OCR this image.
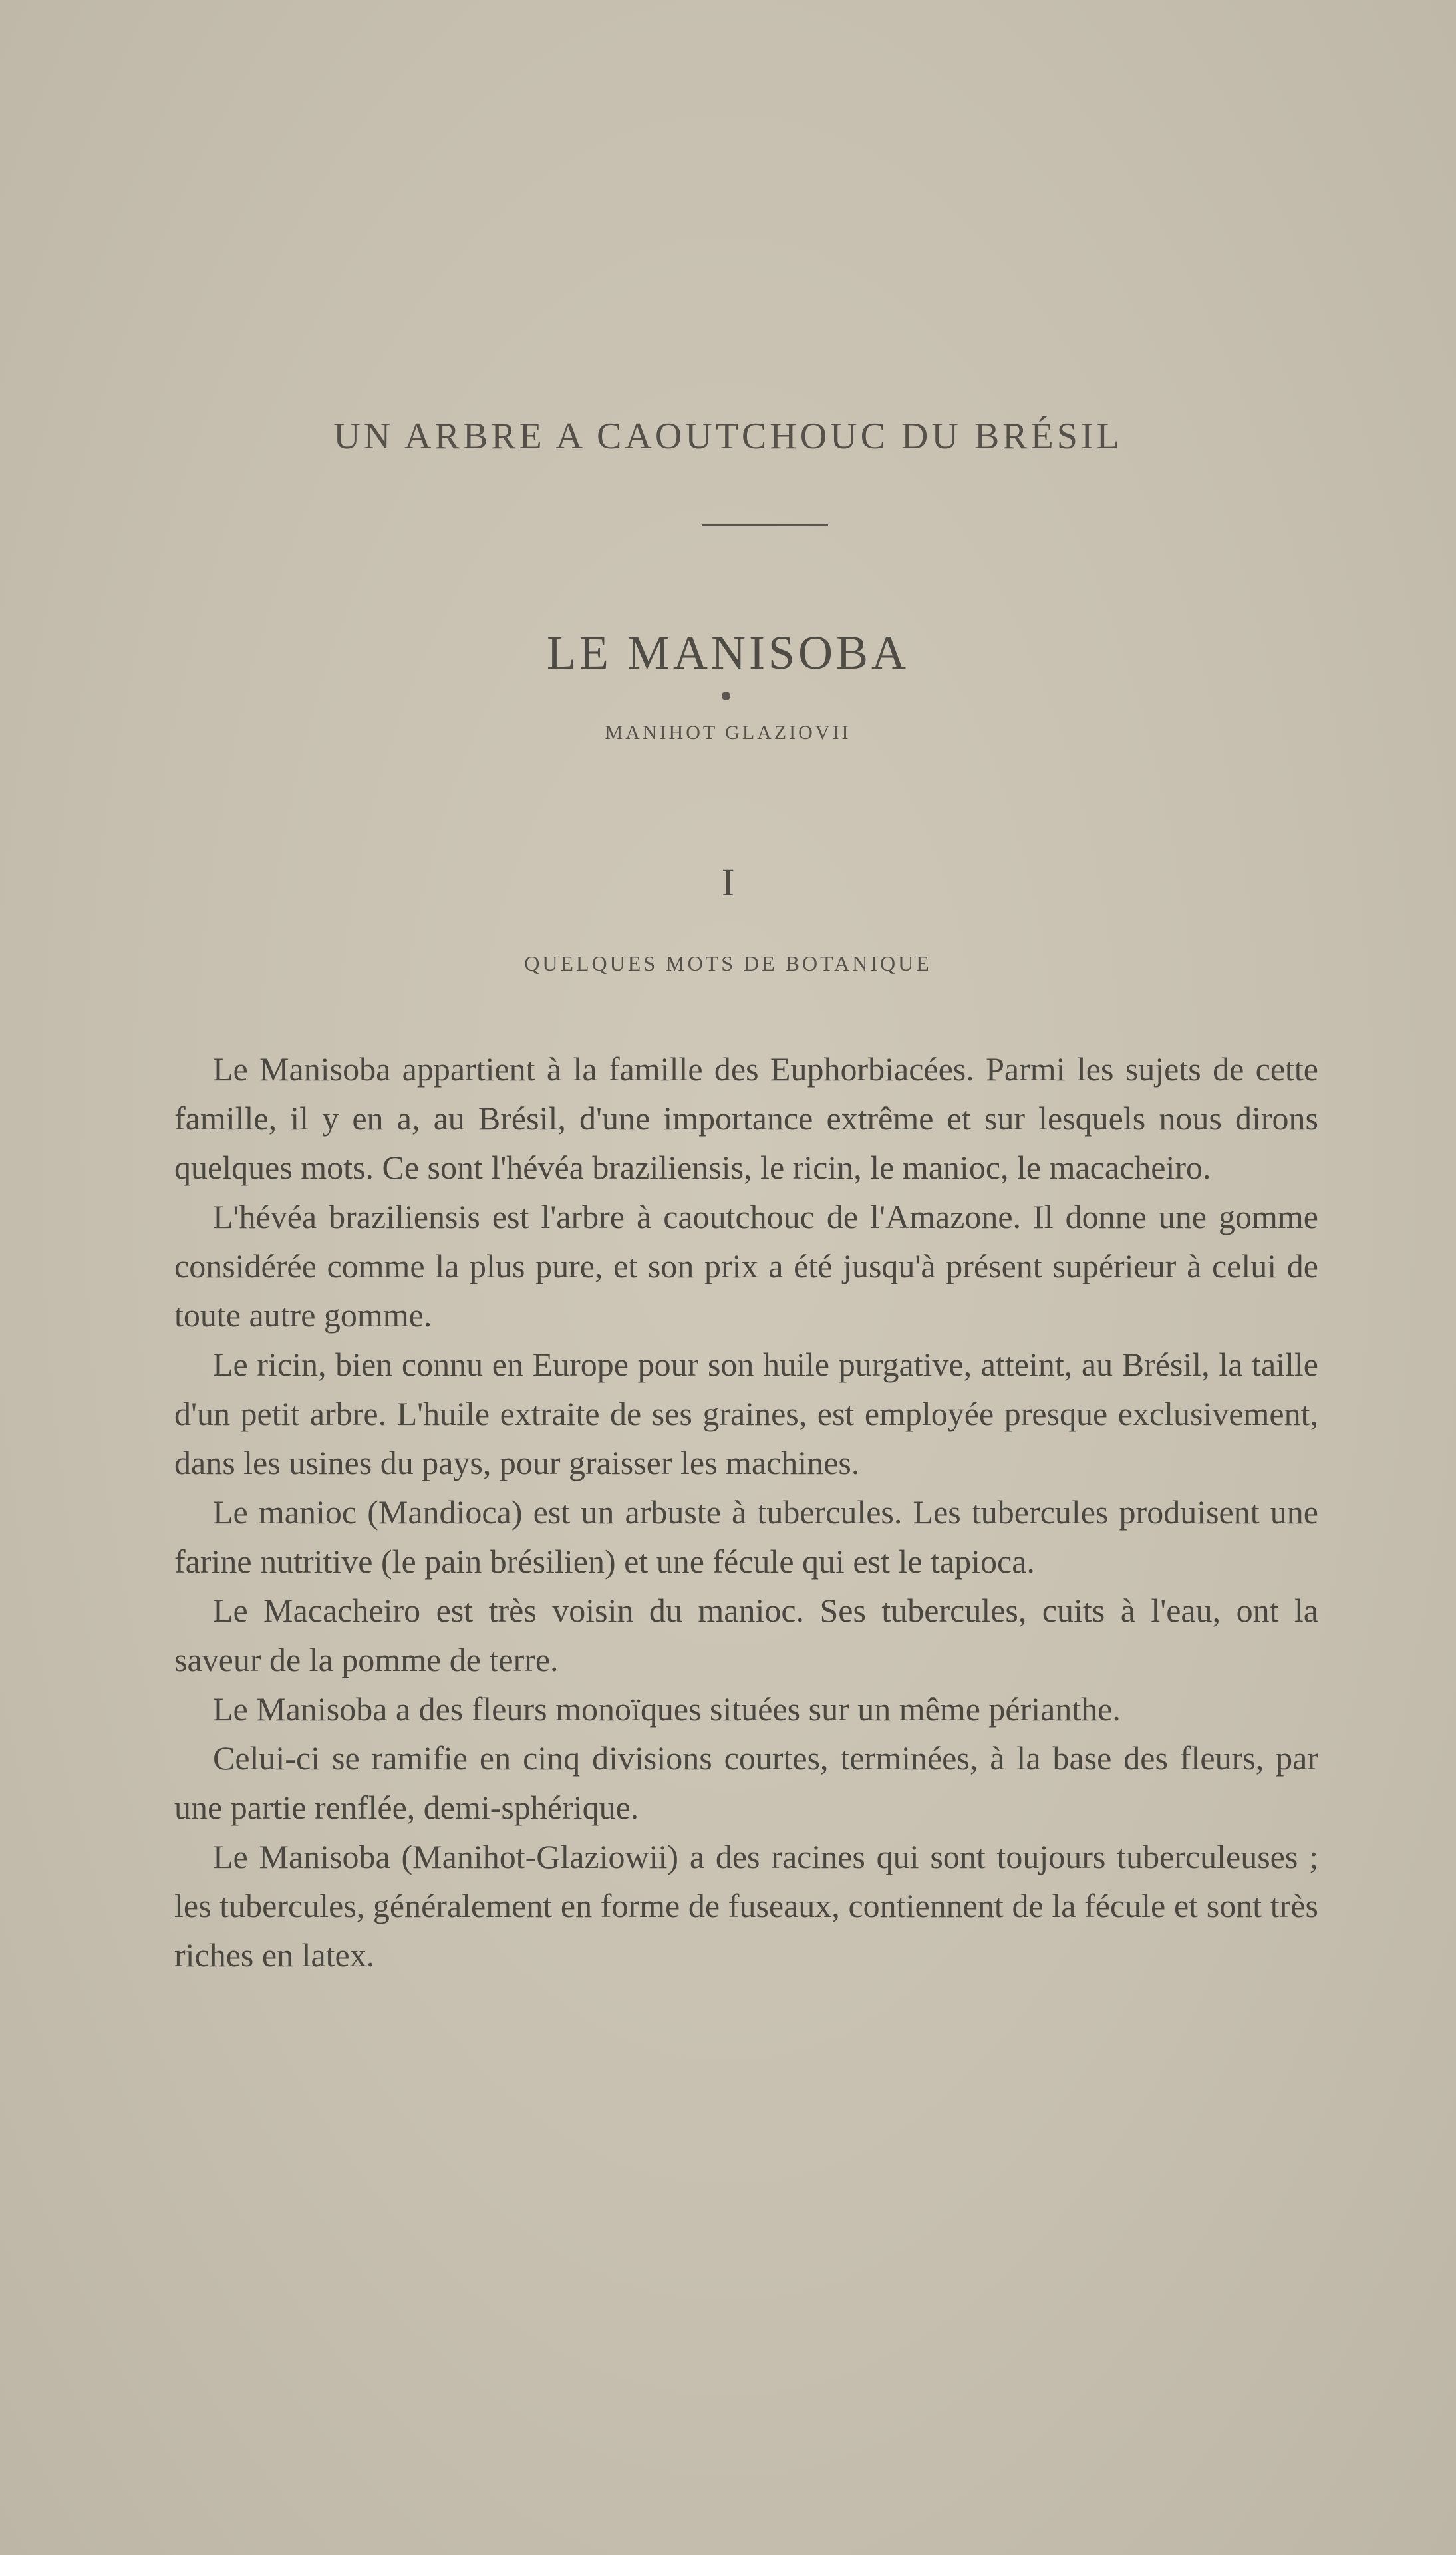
UN ARBRE A CAOUTCHOUC DU BRÉSIL
LE MANISOBA
MANIHOT GLAZIOVII
I
QUELQUES MOTS DE BOTANIQUE

Le Manisoba appartient à la famille des Euphorbiacées. Parmi les sujets de cette famille, il y en a, au Brésil, d'une importance extrême et sur lesquels nous dirons quelques mots. Ce sont l'hévéa braziliensis, le ricin, le manioc, le macacheiro.

L'hévéa braziliensis est l'arbre à caoutchouc de l'Amazone. Il donne une gomme considérée comme la plus pure, et son prix a été jusqu'à présent supérieur à celui de toute autre gomme.

Le ricin, bien connu en Europe pour son huile purgative, atteint, au Brésil, la taille d'un petit arbre. L'huile extraite de ses graines, est employée presque exclusivement, dans les usines du pays, pour graisser les machines.

Le manioc (Mandioca) est un arbuste à tubercules. Les tubercules produisent une farine nutritive (le pain brésilien) et une fécule qui est le tapioca.

Le Macacheiro est très voisin du manioc. Ses tubercules, cuits à l'eau, ont la saveur de la pomme de terre.

Le Manisoba a des fleurs monoïques situées sur un même périanthe.

Celui-ci se ramifie en cinq divisions courtes, terminées, à la base des fleurs, par une partie renflée, demi-sphérique.

Le Manisoba (Manihot-Glaziowii) a des racines qui sont toujours tuberculeuses ; les tubercules, généralement en forme de fuseaux, contiennent de la fécule et sont très riches en latex.
